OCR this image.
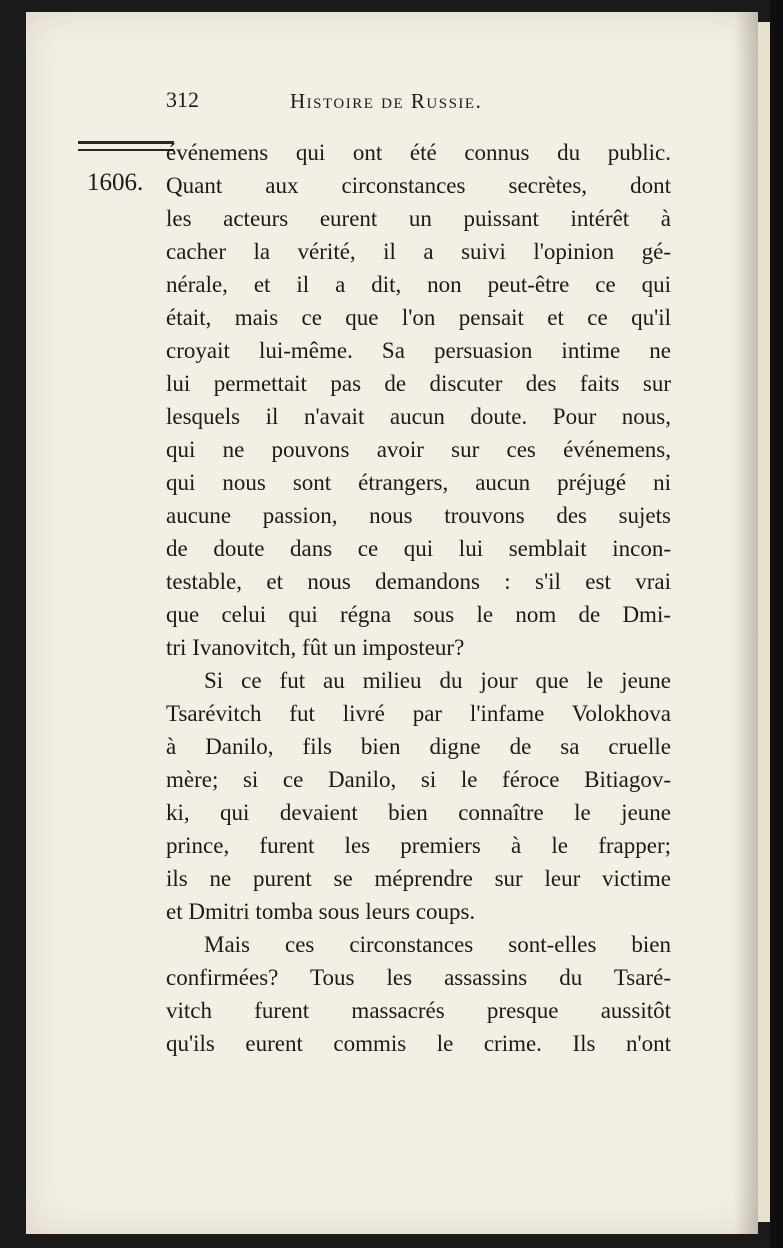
312	Histoire de Russie.
1606.
événemens qui ont été connus du public.
Quant aux circonstances secrètes, dont
les acteurs eurent un puissant intérêt à
cacher la vérité, il a suivi l'opinion gé-
nérale, et il a dit, non peut-être ce qui
était, mais ce que l'on pensait et ce qu'il
croyait lui-même. Sa persuasion intime ne
lui permettait pas de discuter des faits sur
lesquels il n'avait aucun doute. Pour nous,
qui ne pouvons avoir sur ces événemens,
qui nous sont étrangers, aucun préjugé ni
aucune passion, nous trouvons des sujets
de doute dans ce qui lui semblait incon-
testable, et nous demandons : s'il est vrai
que celui qui régna sous le nom de Dmi-
tri Ivanovitch, fût un imposteur?
Si ce fut au milieu du jour que le jeune
Tsarévitch fut livré par l'infame Volokhova
à Danilo, fils bien digne de sa cruelle
mère; si ce Danilo, si le féroce Bitiagov-
ki, qui devaient bien connaître le jeune
prince, furent les premiers à le frapper;
ils ne purent se méprendre sur leur victime
et Dmitri tomba sous leurs coups.
Mais ces circonstances sont-elles bien
confirmées? Tous les assassins du Tsaré-
vitch furent massacrés presque aussitôt
qu'ils eurent commis le crime. Ils n'ont
